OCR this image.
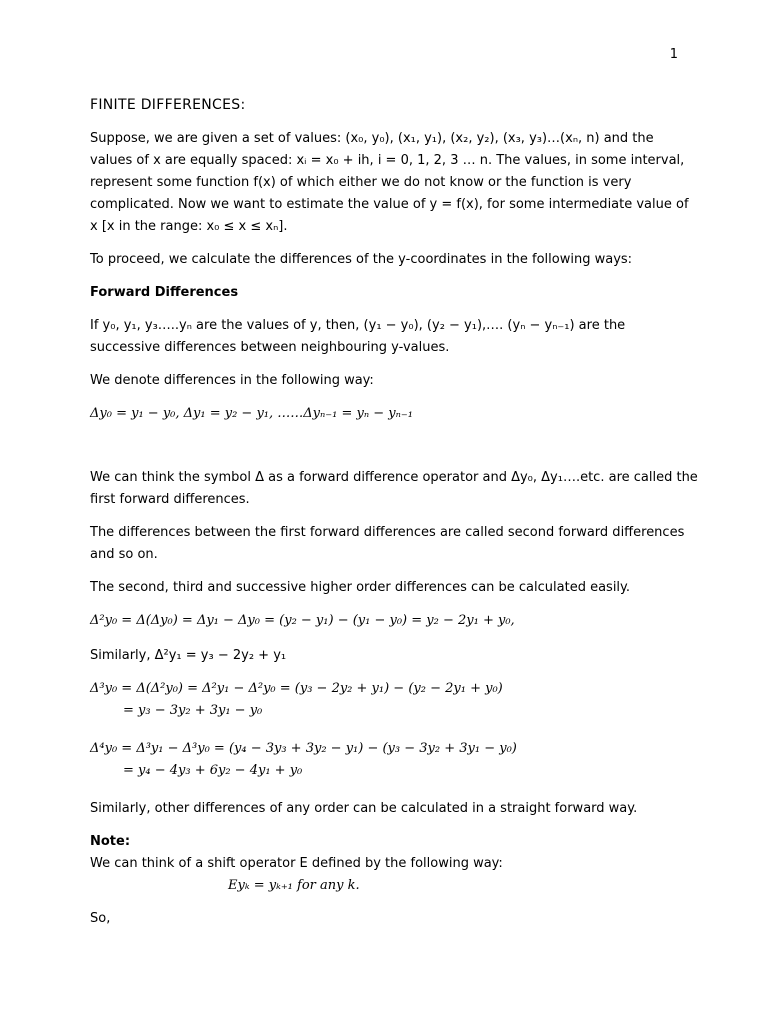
1
FINITE DIFFERENCES:
Suppose, we are given a set of values: (x₀, y₀), (x₁, y₁), (x₂, y₂), (x₃, y₃)…(xₙ, n) and the
values of x are equally spaced: xᵢ = x₀ + ih, i = 0, 1, 2, 3 … n. The values, in some interval,
represent some function f(x) of which either we do not know or the function is very
complicated. Now we want to estimate the value of y = f(x), for some intermediate value of
x [x in the range: x₀ ≤ x ≤ xₙ].
To proceed, we calculate the differences of the y-coordinates in the following ways:
Forward Differences
If y₀, y₁, y₃…..yₙ are the values of y, then, (y₁ − y₀), (y₂ − y₁),…. (yₙ − yₙ₋₁) are the
successive differences between neighbouring y-values.
We denote differences in the following way:
Δy₀ = y₁ − y₀, Δy₁ = y₂ − y₁, ……Δyₙ₋₁ = yₙ − yₙ₋₁
We can think the symbol Δ as a forward difference operator and Δy₀, Δy₁….etc. are called the
first forward differences.
The differences between the first forward differences are called second forward differences
and so on.
The second, third and successive higher order differences can be calculated easily.
Δ²y₀ = Δ(Δy₀) = Δy₁ − Δy₀ = (y₂ − y₁) − (y₁ − y₀) = y₂ − 2y₁ + y₀,
Similarly, Δ²y₁ = y₃ − 2y₂ + y₁
Δ³y₀ = Δ(Δ²y₀) = Δ²y₁ − Δ²y₀ = (y₃ − 2y₂ + y₁) − (y₂ − 2y₁ + y₀)
= y₃ − 3y₂ + 3y₁ − y₀
Δ⁴y₀ = Δ³y₁ − Δ³y₀ = (y₄ − 3y₃ + 3y₂ − y₁) − (y₃ − 3y₂ + 3y₁ − y₀)
= y₄ − 4y₃ + 6y₂ − 4y₁ + y₀
Similarly, other differences of any order can be calculated in a straight forward way.
Note:
We can think of a shift operator E defined by the following way:
Eyₖ = yₖ₊₁ for any k.
So,
